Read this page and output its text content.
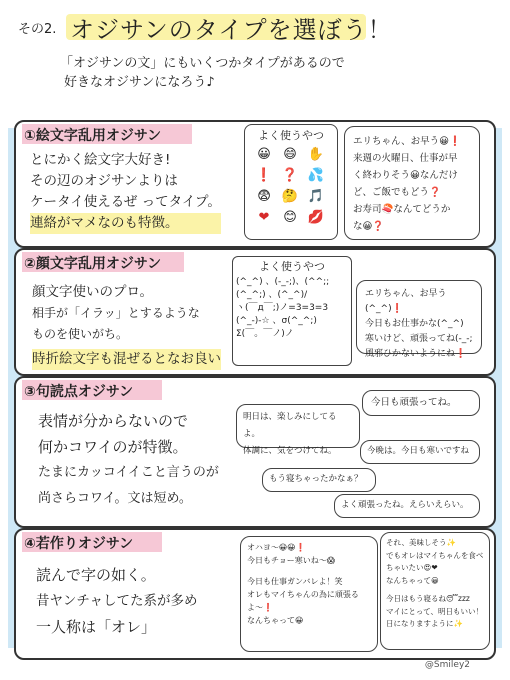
その2. オジサンのタイプを選ぼう！
「オジサンの文」にもいくつかタイプがあるので
好きなオジサンになろう♪
①絵文字乱用オジサン
とにかく絵文字大好き!
その辺のオジサンよりは
ケータイ使えるぜ ってタイプ。
連絡がマメなのも特徴。
よく使うやつ
😀 😄 ✋
❗ ❓ 💦
😨 🤔 🎵
❤	😊 💋
エリちゃん、お早う😀❗
来週の火曜日、仕事が早
く終わりそう😀なんだけ
ど、ご飯でもどう❓
お寿司🍣なんてどうか
な😀❓
②顔文字乱用オジサン
顔文字使いのプロ。
相手が「イラッ」とするような
ものを使いがち。
時折絵文字も混ぜるとなお良い
よく使うやつ
(^_^) 、(-_-;)、(^^;;
(^_^;) 、(^_^)/
ヽ(￣д￣;)ノ=3=3=3
(^_-)-☆ 、σ(^_^;)
Σ(￣。￣ノ)ノ
エリちゃん、お早う(^_^)❗
今日もお仕事かな(^_^)
寒いけど、頑張ってね(-_-;
風邪ひかないようにね❗
③句読点オジサン
表情が分からないので
何かコワイのが特徴。
たまにカッコイイこと言うのが
尚さらコワイ。文は短め。
今日も頑張ってね。
明日は、楽しみにしてるよ。
体調に、気をつけてね。	今晩は。今日も寒いですね
もう寝ちゃったかなぁ？
よく頑張ったね。えらいえらい。
④若作りオジサン
読んで字の如く。
昔ヤンチャしてた系が多め
一人称は「オレ」
オハヨ〜😀😀❗
今日もチョー寒いね〜😱
今日も仕事ガンバレよ！笑
オレもマイちゃんの為に頑張る
よ〜❗
なんちゃって😀
それ、美味しそう✨
でもオレはマイちゃんを食べ
ちゃいたい😍❤
なんちゃって😀
今日はもう寝るね😴zzz
マイにとって、明日もいい！
日になりますように✨
@Smiley2
